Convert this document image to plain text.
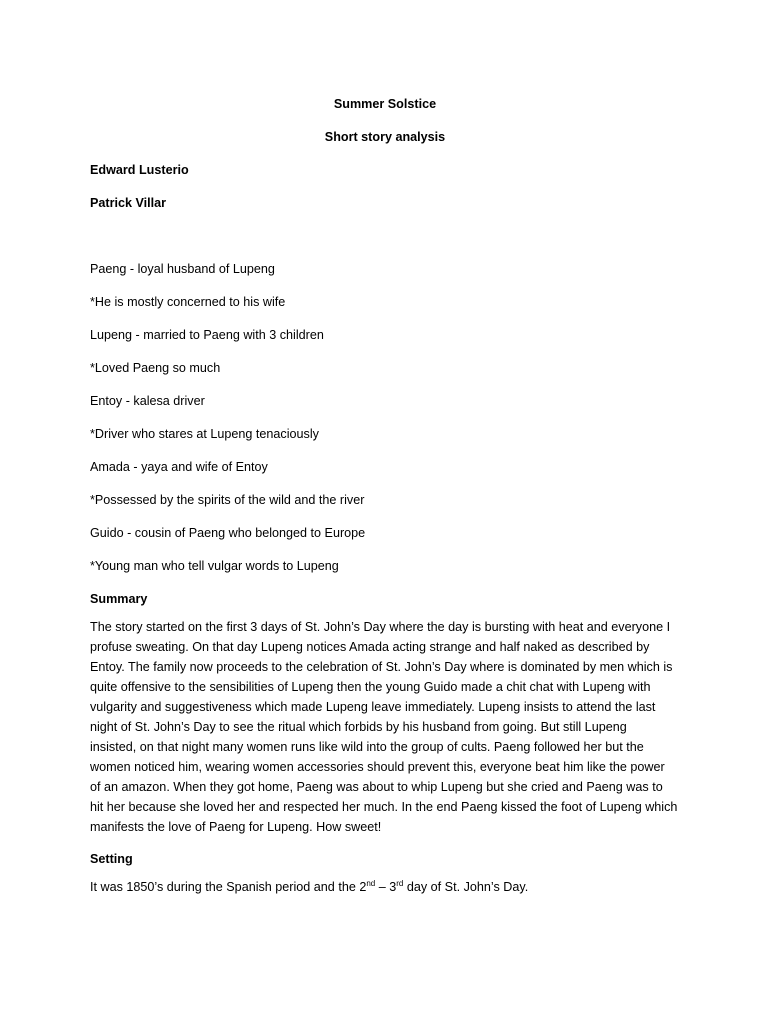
Summer Solstice

Short story analysis

Edward Lusterio

Patrick Villar

Paeng - loyal husband of Lupeng

*He is mostly concerned to his wife

Lupeng - married to Paeng with 3 children

*Loved Paeng so much

Entoy - kalesa driver

*Driver who stares at Lupeng tenaciously

Amada - yaya and wife of Entoy

*Possessed by the spirits of the wild and the river

Guido - cousin of Paeng who belonged to Europe

*Young man who tell vulgar words to Lupeng

Summary

The story started on the first 3 days of St. John’s Day where the day is bursting with heat and everyone I
profuse sweating. On that day Lupeng notices Amada acting strange and half naked as described by
Entoy. The family now proceeds to the celebration of St. John’s Day where is dominated by men which is
quite offensive to the sensibilities of Lupeng then the young Guido made a chit chat with Lupeng with
vulgarity and suggestiveness which made Lupeng leave immediately. Lupeng insists to attend the last
night of St. John’s Day to see the ritual which forbids by his husband from going. But still Lupeng
insisted, on that night many women runs like wild into the group of cults. Paeng followed her but the
women noticed him, wearing women accessories should prevent this, everyone beat him like the power
of an amazon. When they got home, Paeng was about to whip Lupeng but she cried and Paeng was to
hit her because she loved her and respected her much. In the end Paeng kissed the foot of Lupeng which
manifests the love of Paeng for Lupeng. How sweet!

Setting

It was 1850’s during the Spanish period and the 2nd – 3rd day of St. John’s Day.
